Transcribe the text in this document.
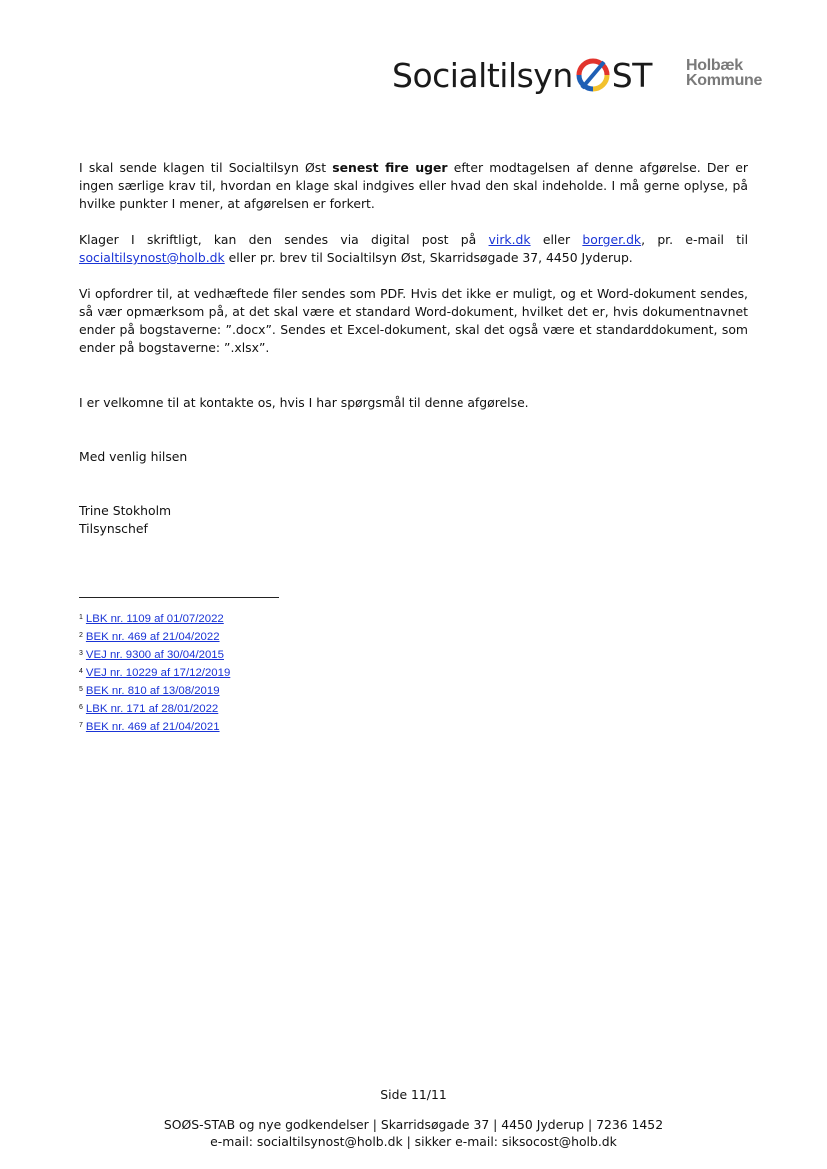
Socialtilsyn ST Holbæk
Kommune

I skal sende klagen til Socialtilsyn Øst senest fire uger efter modtagelsen af denne afgørelse. Der er ingen særlige krav til, hvordan en klage skal indgives eller hvad den skal indeholde. I må gerne oplyse, på hvilke punkter I mener, at afgørelsen er forkert.

Klager I skriftligt, kan den sendes via digital post på virk.dk eller borger.dk, pr. e-mail til socialtilsynost@holb.dk eller pr. brev til Socialtilsyn Øst, Skarridsøgade 37, 4450 Jyderup.

Vi opfordrer til, at vedhæftede filer sendes som PDF. Hvis det ikke er muligt, og et Word-dokument sendes, så vær opmærksom på, at det skal være et standard Word-dokument, hvilket det er, hvis dokumentnavnet ender på bogstaverne: ”.docx”. Sendes et Excel-dokument, skal det også være et standarddokument, som ender på bogstaverne: ”.xlsx”.

I er velkomne til at kontakte os, hvis I har spørgsmål til denne afgørelse.

Med venlig hilsen

Trine Stokholm
Tilsynschef
$^1$ LBK nr. 1109 af 01/07/2022
$^2$ BEK nr. 469 af 21/04/2022
$^3$ VEJ nr. 9300 af 30/04/2015
$^4$ VEJ nr. 10229 af 17/12/2019
$^5$ BEK nr. 810 af 13/08/2019
$^6$ LBK nr. 171 af 28/01/2022
$^7$ BEK nr. 469 af 21/04/2021
Side 11/11
SOØS-STAB og nye godkendelser | Skarridsøgade 37 | 4450 Jyderup | 7236 1452
e-mail: socialtilsynost@holb.dk | sikker e-mail: siksocost@holb.dk
